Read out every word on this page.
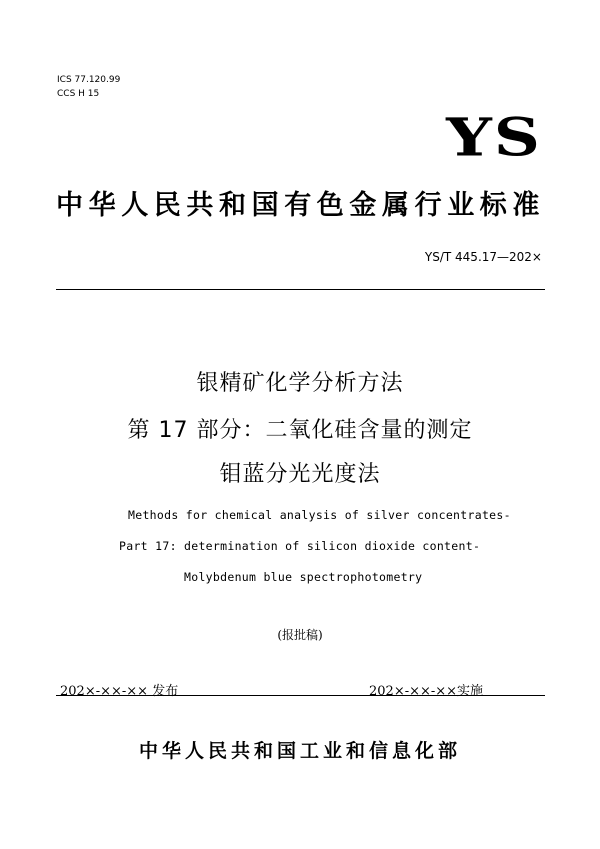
ICS 77.120.99
CCS H 15
YS
中华人民共和国有色金属行业标准
YS/T 445.17—202×
银精矿化学分析方法
第 17 部分：二氧化硅含量的测定
钼蓝分光光度法
Methods for chemical analysis of silver concentrates-
Part 17: determination of silicon dioxide content-
Molybdenum blue spectrophotometry
(报批稿)
202×-××-×× 发布	202×-××-××实施
中华人民共和国工业和信息化部
